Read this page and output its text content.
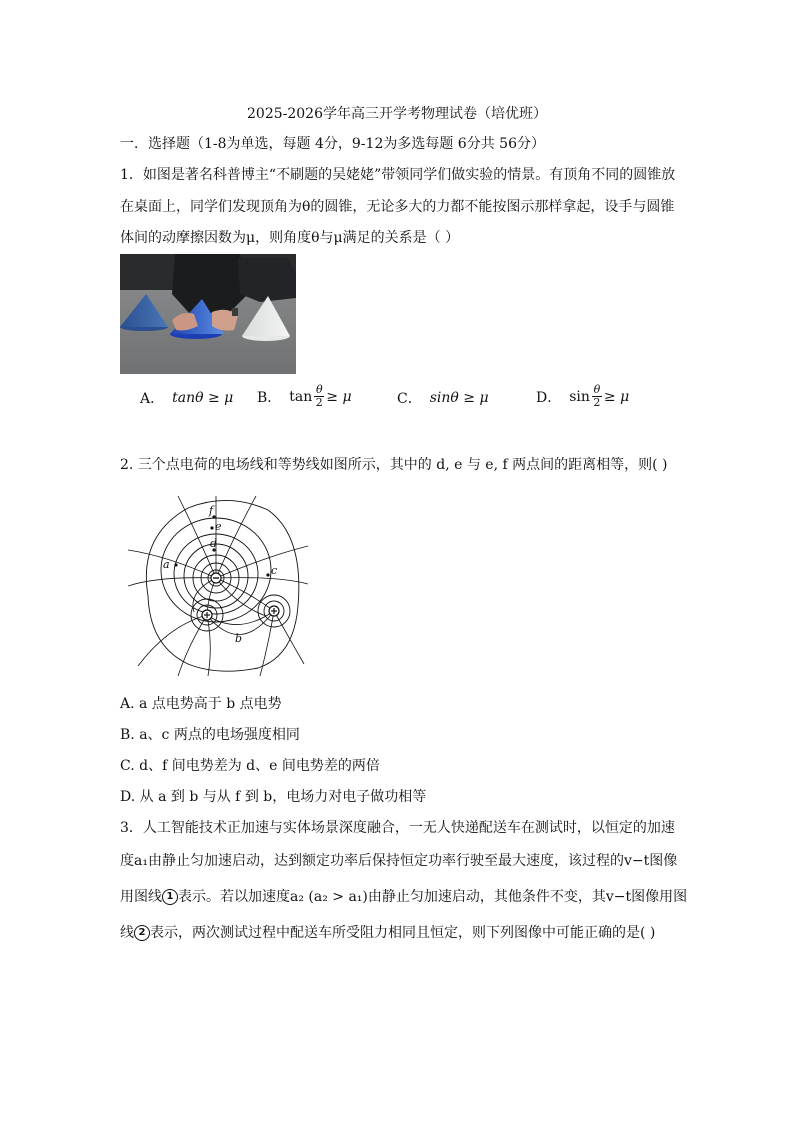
2025-2026学年高三开学考物理试卷（培优班）
一．选择题（1-8为单选，每题 4分，9-12为多选每题 6分共 56分）
1．如图是著名科普博主“不刷题的吴姥姥”带领同学们做实验的情景。有顶角不同的圆锥放
在桌面上，同学们发现顶角为θ的圆锥，无论多大的力都不能按图示那样拿起，设手与圆锥
体间的动摩擦因数为μ，则角度θ与μ满足的关系是（ ）
A． tanθ ≥ μ B． $\tan \frac{\theta}{2} \ge \mu$	C． sinθ ≥ μ	D． $\sin \frac{\theta}{2} \ge \mu$
2. 三个点电荷的电场线和等势线如图所示，其中的 d, e 与 e, f 两点间的距离相等，则( )
f
e
d
a	c
b
A. a 点电势高于 b 点电势
B. a、c 两点的电场强度相同
C. d、f 间电势差为 d、e 间电势差的两倍
D. 从 a 到 b 与从 f 到 b，电场力对电子做功相等
3．人工智能技术正加速与实体场景深度融合，一无人快递配送车在测试时，以恒定的加速
度a₁由静止匀加速启动，达到额定功率后保持恒定功率行驶至最大速度，该过程的v−t图像
用图线 1 表示。若以加速度a₂ (a₂ > a₁)由静止匀加速启动，其他条件不变，其v−t图像用图
线 2 表示，两次测试过程中配送车所受阻力相同且恒定，则下列图像中可能正确的是( )
